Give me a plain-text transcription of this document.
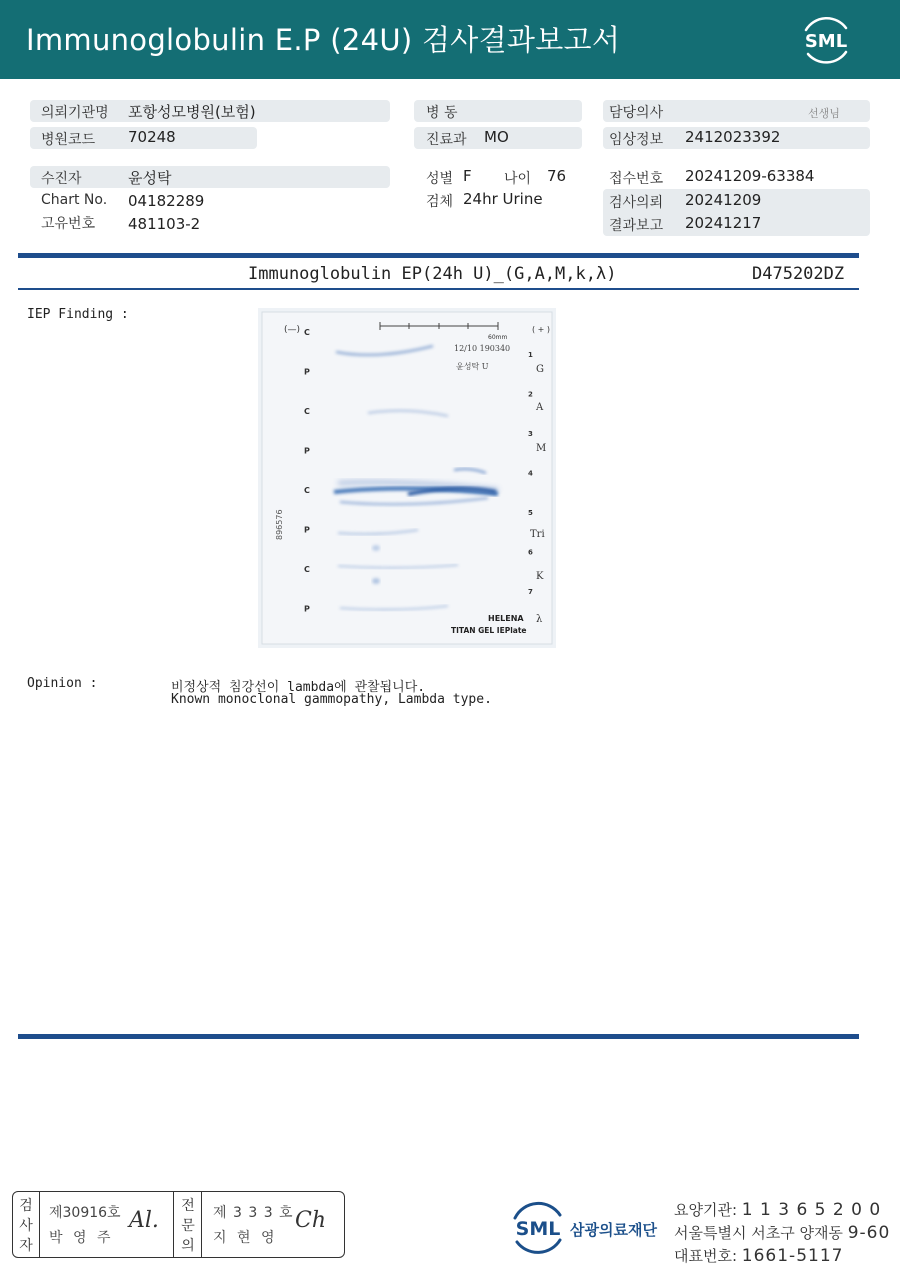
Immunoglobulin E.P (24U) 검사결과보고서	SML
의뢰기관명 포항성모병원(보험)
병원코드 70248
수진자	윤성탁
Chart No. 04182289
고유번호 481103-2
병 동
진료과 MO
성별 F 나이 76
검체 24hr Urine
담당의사	선생님
임상정보 2412023392
접수번호 20241209-63384
검사의뢰 20241209
결과보고 20241217
Immunoglobulin EP(24h U)_(G,A,M,k,λ)	D475202DZ
IEP Finding :
60mm
(—)	( + )
12/10 190340
윤성탁 U
896576
C
P
C
P
C
P
C
P
1
2
3
4
5
6
7
G
A
M
Tri
K
λ
HELENA
TITAN GEL IEPlate
Opinion :	비정상적 침강선이 lambda에 관찰됩니다.
Known monoclonal gammopathy, Lambda type.
검
사
자
제30916호
박 영 주
Al.
전
문
의
제 3 3 3 호
지 현 영
Ch	SML 삼광의료재단
요양기관: 1 1 3 6 5 2 0 0
서울특별시 서초구 양재동 9-60
대표번호: 1661-5117
